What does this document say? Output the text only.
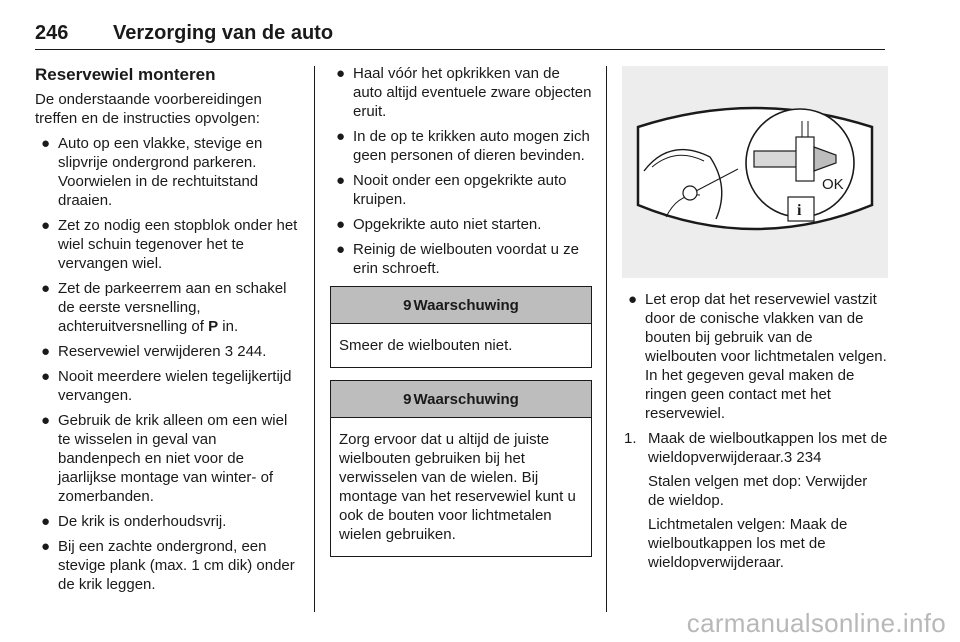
246 Verzorging van de auto
Reservewiel monteren

De onderstaande voorbereidingen treffen en de instructies opvolgen:

● Auto op een vlakke, stevige en slipvrije ondergrond parkeren. Voorwielen in de rechtuitstand draaien.
● Zet zo nodig een stopblok onder het wiel schuin tegenover het te vervangen wiel.
● Zet de parkeerrem aan en schakel de eerste versnelling, achteruitversnelling of P in.
● Reservewiel verwijderen 3 244.
● Nooit meerdere wielen tegelijkertijd vervangen.
● Gebruik de krik alleen om een wiel te wisselen in geval van bandenpech en niet voor de jaarlijkse montage van winter- of zomerbanden.
● De krik is onderhoudsvrij.
● Bij een zachte ondergrond, een stevige plank (max. 1 cm dik) onder de krik leggen.
● Haal vóór het opkrikken van de auto altijd eventuele zware objecten eruit.
● In de op te krikken auto mogen zich geen personen of dieren bevinden.
● Nooit onder een opgekrikte auto kruipen.
● Opgekrikte auto niet starten.
● Reinig de wielbouten voordat u ze erin schroeft.
9 Waarschuwing
Smeer de wielbouten niet.
9 Waarschuwing
Zorg ervoor dat u altijd de juiste wielbouten gebruiken bij het verwisselen van de wielen. Bij montage van het reservewiel kunt u ook de bouten voor lichtmetalen wielen gebruiken.
OK
i
● Let erop dat het reservewiel vastzit door de conische vlakken van de bouten bij gebruik van de wielbouten voor lichtmetalen velgen. In het gegeven geval maken de ringen geen contact met het reservewiel.
1. Maak de wielboutkappen los met de wieldopverwijderaar.3 234

Stalen velgen met dop: Verwijder de wieldop.

Lichtmetalen velgen: Maak de wielboutkappen los met de wieldopverwijderaar.

carmanualsonline.info
